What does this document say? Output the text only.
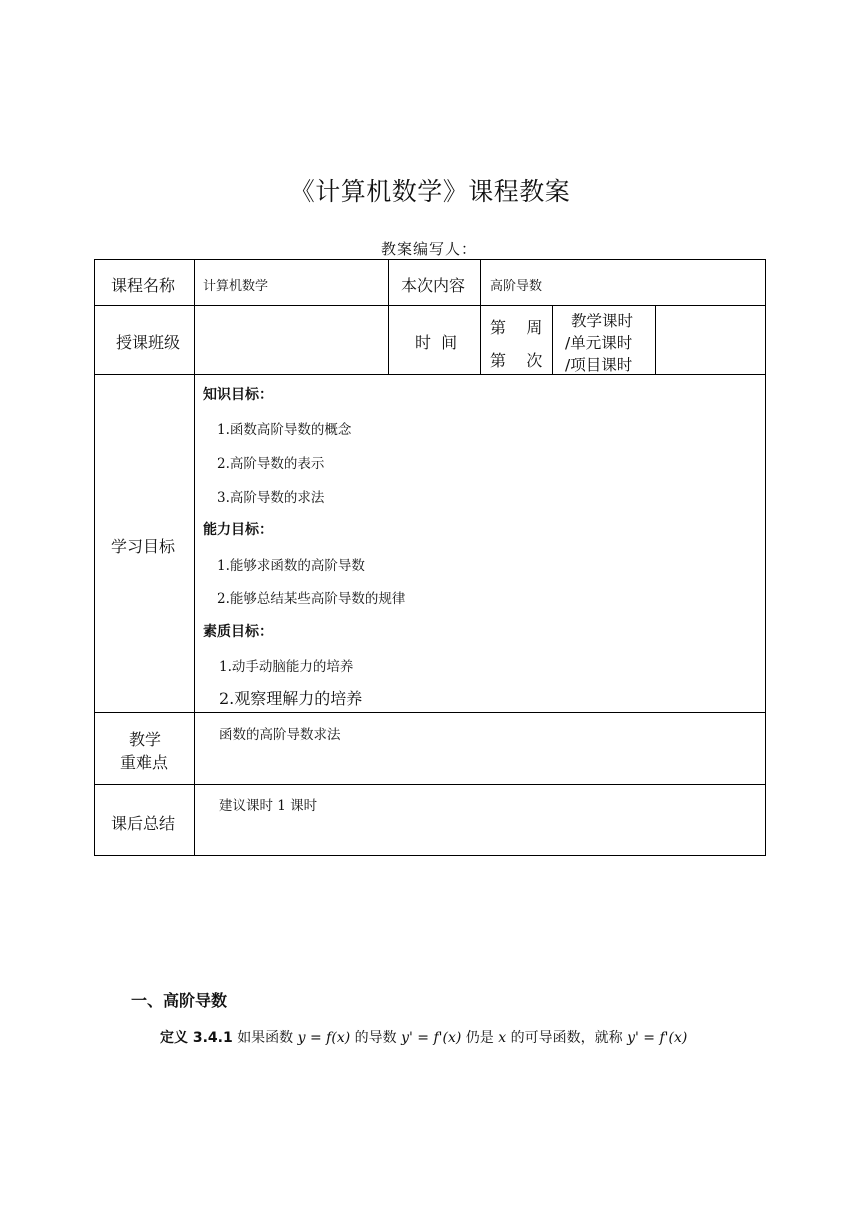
《计算机数学》课程教案
教案编写人：
课程名称 计算机数学	本次内容 高阶导数
授课班级	时  间
第    周
第    次
教学课时
/单元课时
/项目课时
学习目标
知识目标：
1.函数高阶导数的概念
2.高阶导数的表示
3.高阶导数的求法
能力目标：
1.能够求函数的高阶导数
2.能够总结某些高阶导数的规律
素质目标：
1.动手动脑能力的培养
2.观察理解力的培养
教学
重难点
函数的高阶导数求法
课后总结
建议课时 1 课时
一、高阶导数
定义 3.4.1 如果函数 y = f(x) 的导数 y' = f'(x) 仍是 x 的可导函数，就称 y' = f'(x)
